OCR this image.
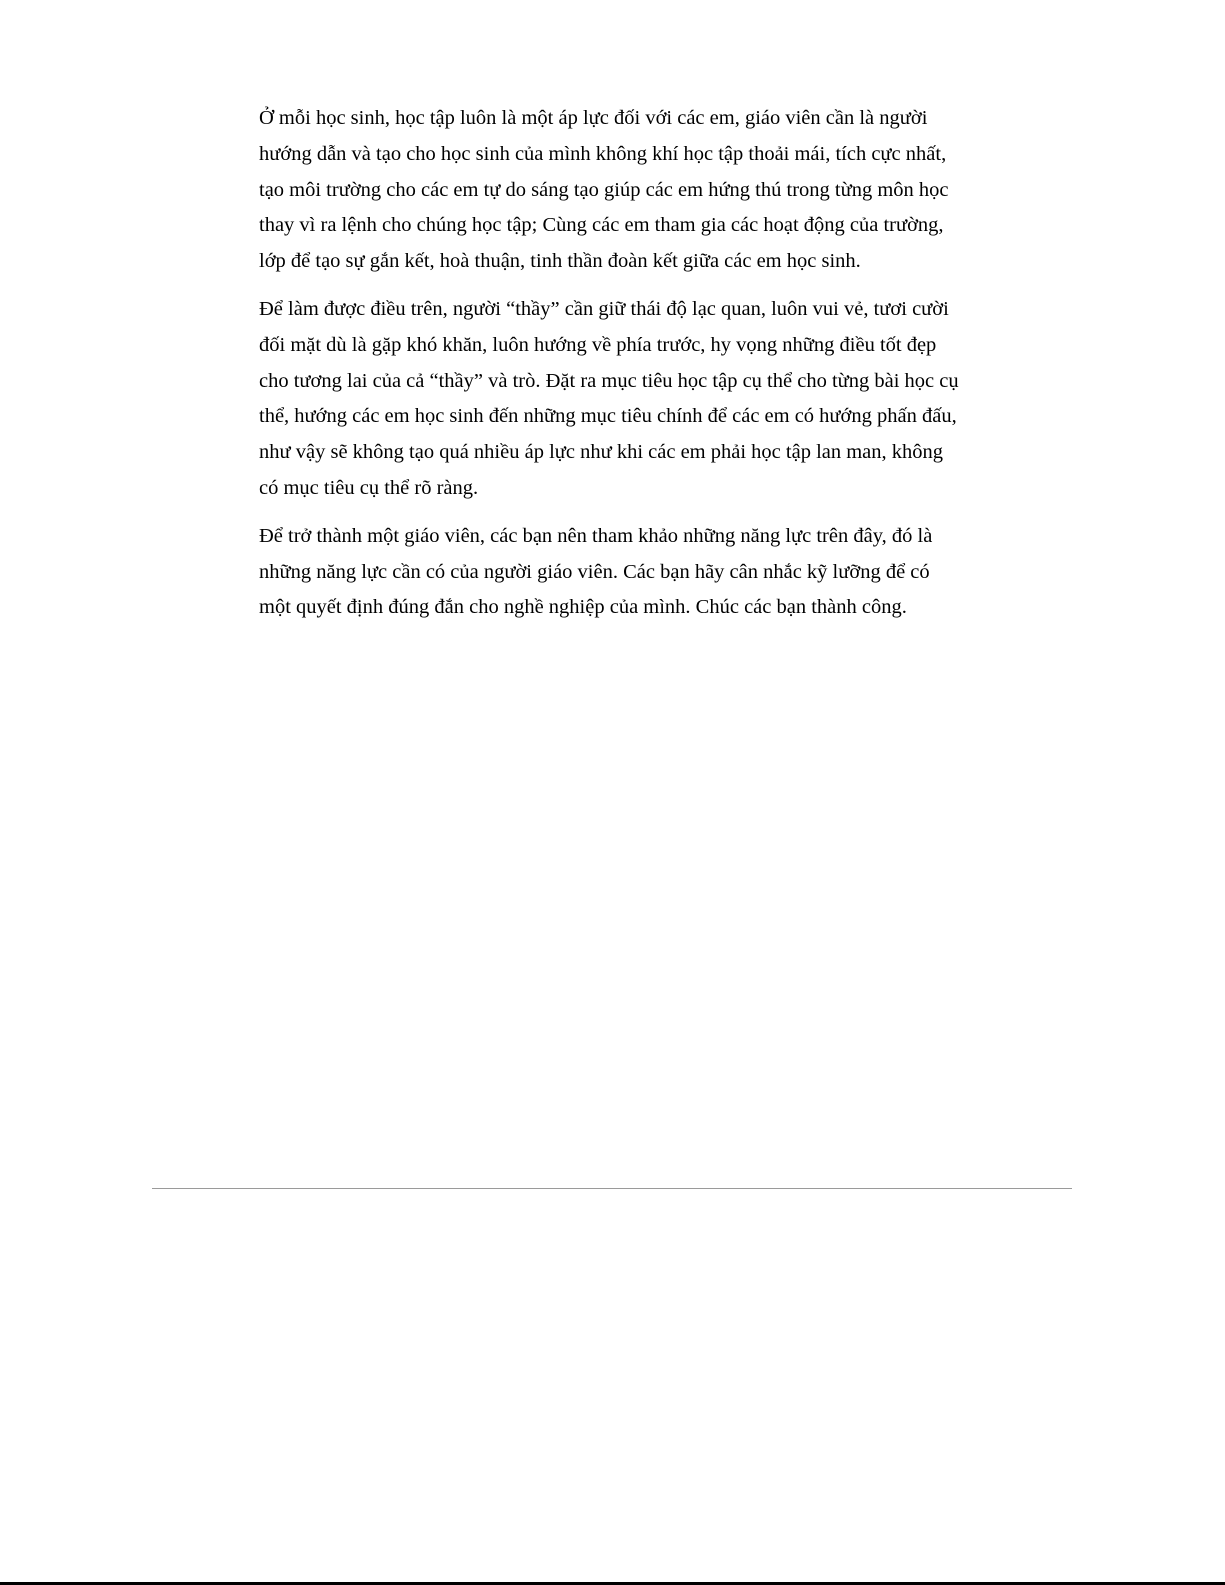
Ở mỗi học sinh, học tập luôn là một áp lực đối với các em, giáo viên cần là người hướng dẫn và tạo cho học sinh của mình không khí học tập thoải mái, tích cực nhất, tạo môi trường cho các em tự do sáng tạo giúp các em hứng thú trong từng môn học thay vì ra lệnh cho chúng học tập; Cùng các em tham gia các hoạt động của trường, lớp để tạo sự gắn kết, hoà thuận, tinh thần đoàn kết giữa các em học sinh.

Để làm được điều trên, người “thầy” cần giữ thái độ lạc quan, luôn vui vẻ, tươi cười đối mặt dù là gặp khó khăn, luôn hướng về phía trước, hy vọng những điều tốt đẹp cho tương lai của cả “thầy” và trò. Đặt ra mục tiêu học tập cụ thể cho từng bài học cụ thể, hướng các em học sinh đến những mục tiêu chính để các em có hướng phấn đấu, như vậy sẽ không tạo quá nhiều áp lực như khi các em phải học tập lan man, không có mục tiêu cụ thể rõ ràng.

Để trở thành một giáo viên, các bạn nên tham khảo những năng lực trên đây, đó là những năng lực cần có của người giáo viên. Các bạn hãy cân nhắc kỹ lưỡng để có một quyết định đúng đắn cho nghề nghiệp của mình. Chúc các bạn thành công.
